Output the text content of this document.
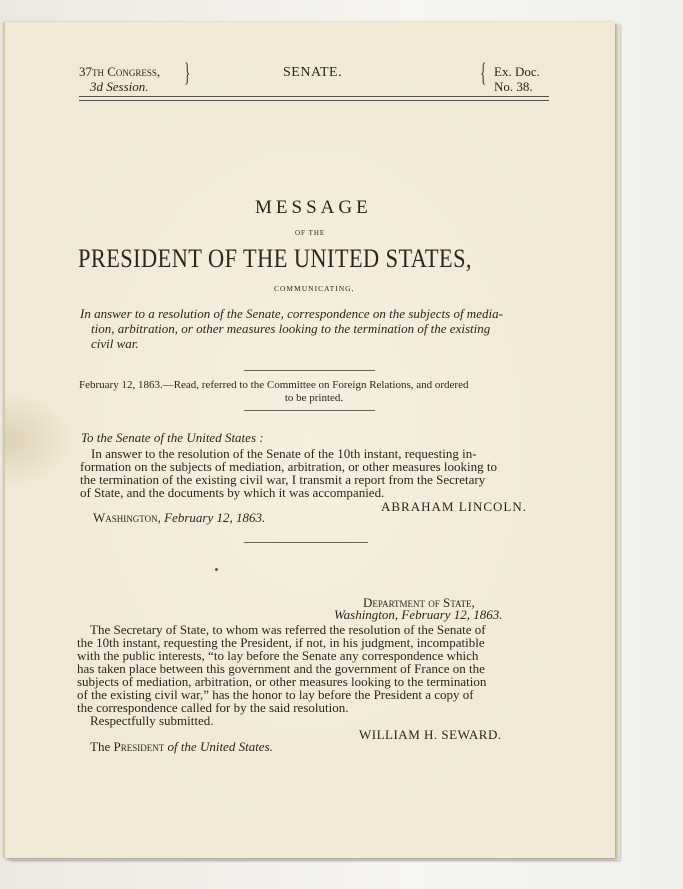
37th Congress,
3d Session.	}	SENATE.	{ Ex. Doc.
No. 38.
MESSAGE
OF THE
PRESIDENT OF THE UNITED STATES,
COMMUNICATING,
In answer to a resolution of the Senate, correspondence on the subjects of media-
tion, arbitration, or other measures looking to the termination of the existing
civil war.
February 12, 1863.—Read, referred to the Committee on Foreign Relations, and ordered
to be printed.
To the Senate of the United States :
In answer to the resolution of the Senate of the 10th instant, requesting in-
formation on the subjects of mediation, arbitration, or other measures looking to
the termination of the existing civil war, I transmit a report from the Secretary
of State, and the documents by which it was accompanied.
ABRAHAM LINCOLN.
Washington, February 12, 1863.
Department of State,
Washington, February 12, 1863.
The Secretary of State, to whom was referred the resolution of the Senate of
the 10th instant, requesting the President, if not, in his judgment, incompatible
with the public interests, “to lay before the Senate any correspondence which
has taken place between this government and the government of France on the
subjects of mediation, arbitration, or other measures looking to the termination
of the existing civil war,” has the honor to lay before the President a copy of
the correspondence called for by the said resolution.
Respectfully submitted.
WILLIAM H. SEWARD.
The President of the United States.
